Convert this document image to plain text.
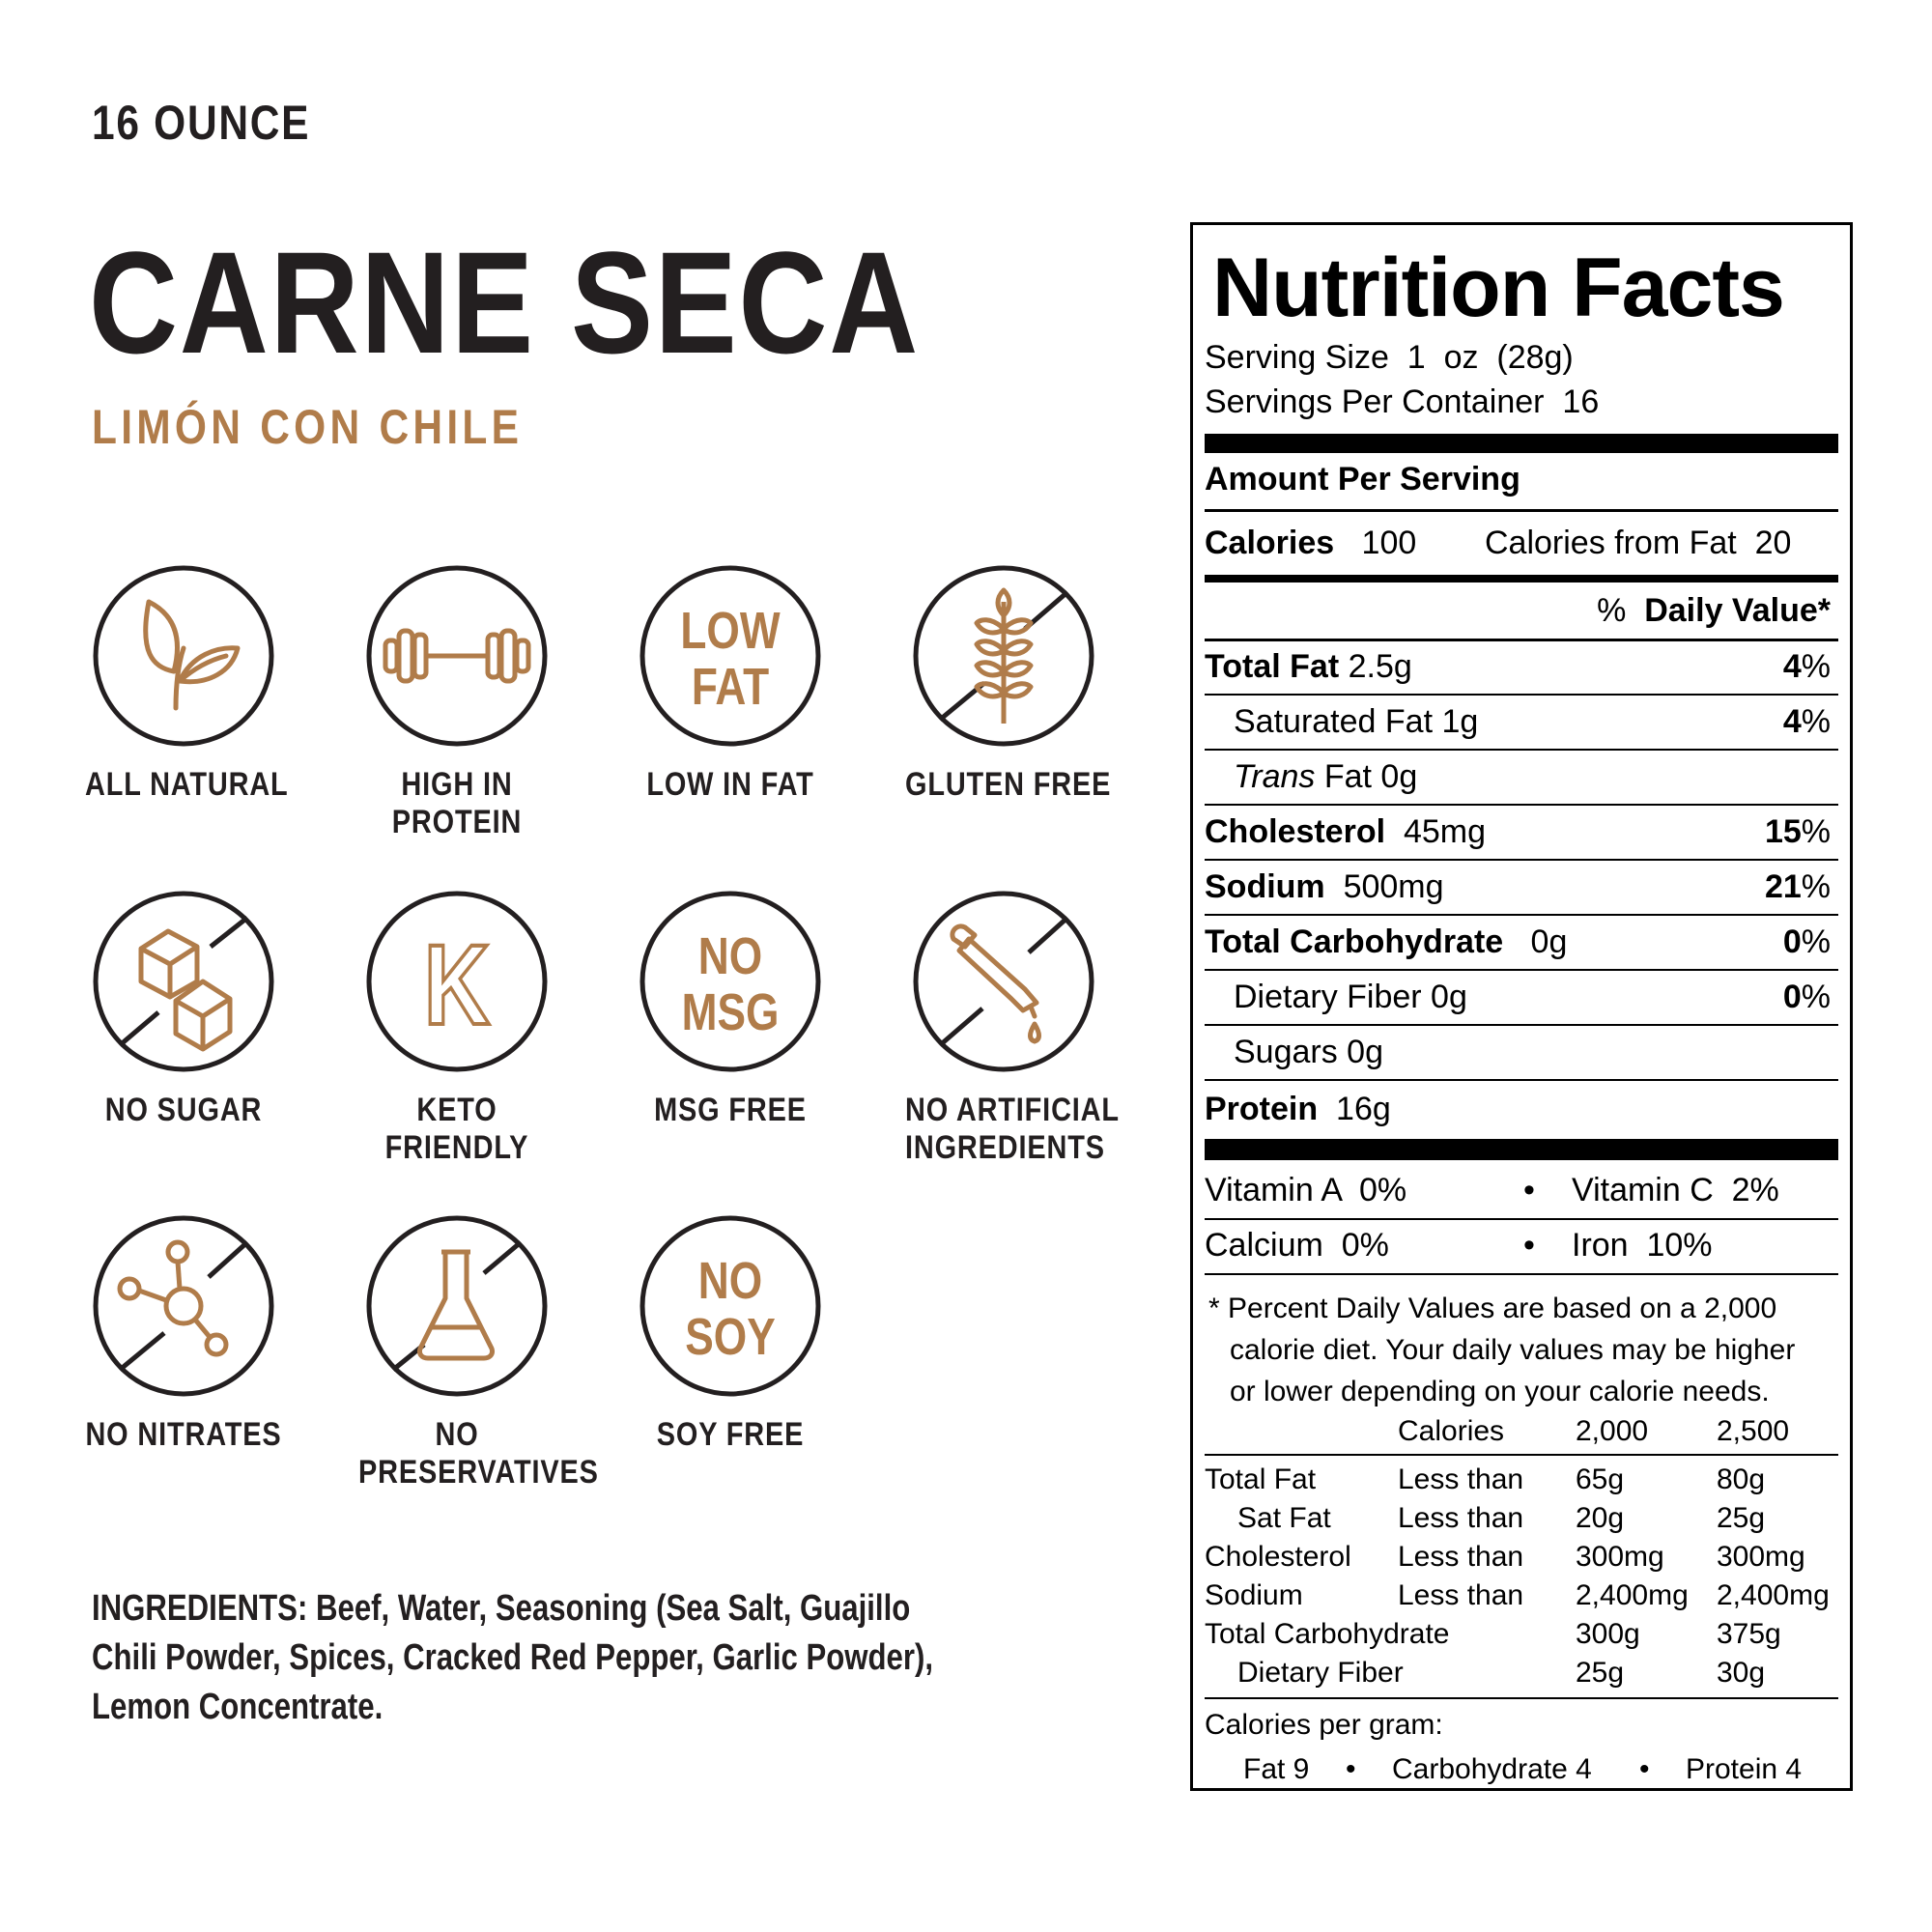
16 OUNCE
CARNE SECA
LIMÓN CON CHILE
ALL NATURAL	HIGH IN
PROTEIN
LOW
FAT
LOW IN FAT	GLUTEN FREE
NO SUGAR
K
KETO
FRIENDLY
NO
MSG
MSG FREE	NO ARTIFICIAL
INGREDIENTS
NO NITRATES	NO
PRESERVATIVES
NO
SOY
SOY FREE
INGREDIENTS: Beef, Water, Seasoning (Sea Salt, Guajillo Chili Powder, Spices, Cracked Red Pepper, Garlic Powder), Lemon Concentrate.
Nutrition Facts
Serving Size 1  oz  (28g)
Servings Per Container 16
Amount Per Serving
Calories 100 Calories from Fat  20
% Daily Value*
Total Fat 2.5g	4%
Saturated Fat 1g	4%
Trans Fat 0g
Cholesterol 45mg	15%
Sodium 500mg	21%
Total Carbohydrate 0g	0%
Dietary Fiber 0g	0%
Sugars 0g
Protein 16g
Vitamin A  0%	• Vitamin C  2%
Calcium  0%	• Iron  10%
* Percent Daily Values are based on a 2,000
calorie diet. Your daily values may be higher
or lower depending on your calorie needs.
Calories 2,000 2,500
Total Fat	Less than 65g	80g
Sat Fat Less than 20g	25g
Cholesterol Less than 300mg 300mg
Sodium	Less than 2,400mg 2,400mg
Total Carbohydrate	300g	375g
Dietary Fiber	25g	30g
Calories per gram:
Fat 9 • Carbohydrate 4 • Protein 4
